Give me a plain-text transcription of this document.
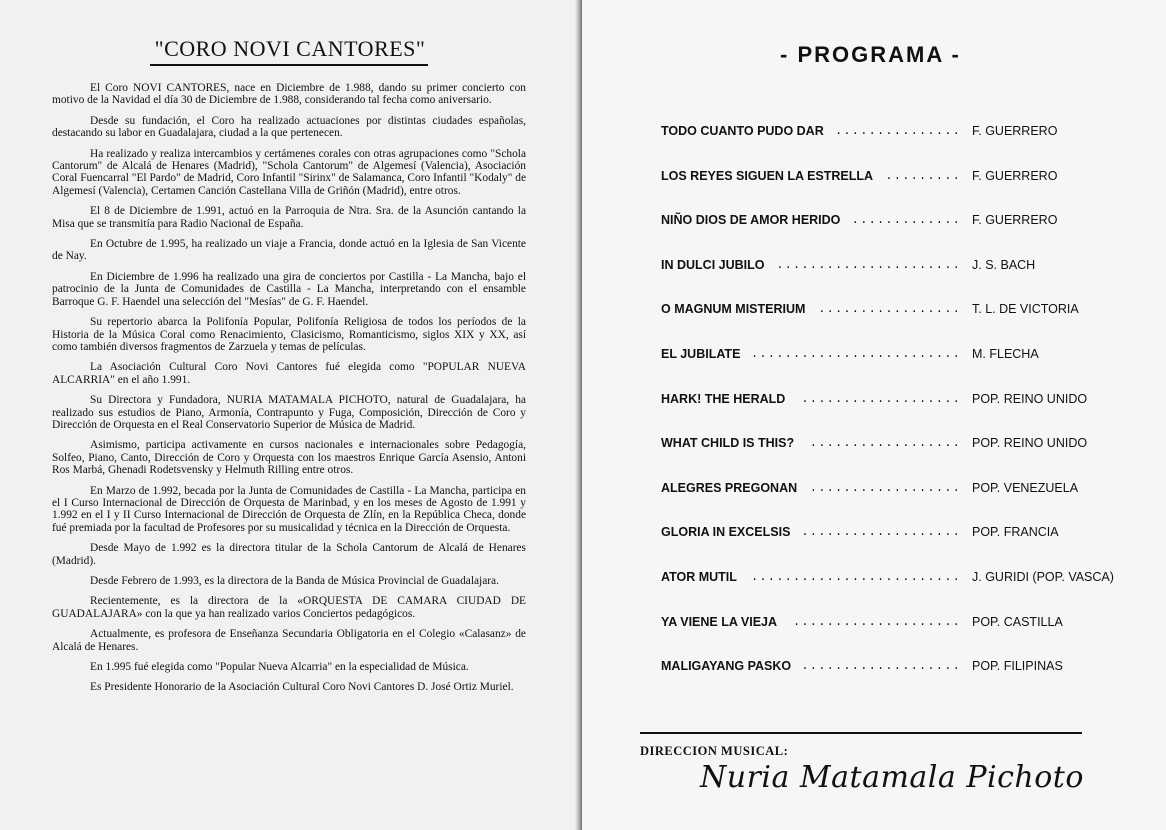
"CORO NOVI CANTORES"

El Coro NOVI CANTORES, nace en Diciembre de 1.988, dando su primer concierto con motivo de la Navidad el día 30 de Diciembre de 1.988, considerando tal fecha como aniversario.

Desde su fundación, el Coro ha realizado actuaciones por distintas ciudades españolas, destacando su labor en Guadalajara, ciudad a la que pertenecen.

Ha realizado y realiza intercambios y certámenes corales con otras agrupaciones como "Schola Cantorum" de Alcalá de Henares (Madrid), "Schola Cantorum" de Algemesí (Valencia), Asociación Coral Fuencarral "El Pardo" de Madrid, Coro Infantil "Sirinx" de Salamanca, Coro Infantil "Kodaly" de Algemesí (Valencia), Certamen Canción Castellana Villa de Griñón (Madrid), entre otros.

El 8 de Diciembre de 1.991, actuó en la Parroquia de Ntra. Sra. de la Asunción cantando la Misa que se transmitía para Radio Nacional de España.

En Octubre de 1.995, ha realizado un viaje a Francia, donde actuó en la Iglesia de San Vicente de Nay.

En Diciembre de 1.996 ha realizado una gira de conciertos por Castilla - La Mancha, bajo el patrocinio de la Junta de Comunidades de Castilla - La Mancha, interpretando con el ensamble Barroque G. F. Haendel una selección del "Mesías" de G. F. Haendel.

Su repertorio abarca la Polifonía Popular, Polifonía Religiosa de todos los períodos de la Historia de la Música Coral como Renacimiento, Clasicismo, Romanticismo, siglos XIX y XX, así como también diversos fragmentos de Zarzuela y temas de películas.

La Asociación Cultural Coro Novi Cantores fué elegida como "POPULAR NUEVA ALCARRIA" en el año 1.991.

Su Directora y Fundadora, NURIA MATAMALA PICHOTO, natural de Guadalajara, ha realizado sus estudios de Piano, Armonía, Contrapunto y Fuga, Composición, Dirección de Coro y Dirección de Orquesta en el Real Conservatorio Superior de Música de Madrid.

Asimismo, participa activamente en cursos nacionales e internacionales sobre Pedagogía, Solfeo, Piano, Canto, Dirección de Coro y Orquesta con los maestros Enrique García Asensio, Antoni Ros Marbá, Ghenadi Rodetsvensky y Helmuth Rilling entre otros.

En Marzo de 1.992, becada por la Junta de Comunidades de Castilla - La Mancha, participa en el I Curso Internacional de Dirección de Orquesta de Marinbad, y en los meses de Agosto de 1.991 y 1.992 en el I y II Curso Internacional de Dirección de Orquesta de Zlín, en la República Checa, donde fué premiada por la facultad de Profesores por su musicalidad y técnica en la Dirección de Orquesta.

Desde Mayo de 1.992 es la directora titular de la Schola Cantorum de Alcalá de Henares (Madrid).

Desde Febrero de 1.993, es la directora de la Banda de Música Provincial de Guadalajara.

Recientemente, es la directora de la «ORQUESTA DE CAMARA CIUDAD DE GUADALAJARA» con la que ya han realizado varios Conciertos pedagógicos.

Actualmente, es profesora de Enseñanza Secundaria Obligatoria en el Colegio «Calasanz» de Alcalá de Henares.

En 1.995 fué elegida como "Popular Nueva Alcarria" en la especialidad de Música.

Es Presidente Honorario de la Asociación Cultural Coro Novi Cantores D. José Ortiz Muriel.

- PROGRAMA -
TODO CUANTO PUDO DAR ............... F. GUERRERO
LOS REYES SIGUEN LA ESTRELLA ......... F. GUERRERO
NIÑO DIOS DE AMOR HERIDO ............. F. GUERRERO
IN DULCI JUBILO ...................... J. S. BACH
O MAGNUM MISTERIUM ................. T. L. DE VICTORIA
EL JUBILATE ......................... M. FLECHA
HARK! THE HERALD ................... POP. REINO UNIDO
WHAT CHILD IS THIS? .................. POP. REINO UNIDO
ALEGRES PREGONAN .................. POP. VENEZUELA
GLORIA IN EXCELSIS ................... POP. FRANCIA
ATOR MUTIL ......................... J. GURIDI (POP. VASCA)
YA VIENE LA VIEJA .................... POP. CASTILLA
MALIGAYANG PASKO ................... POP. FILIPINAS
DIRECCION MUSICAL:
Nuria Matamala Pichoto
